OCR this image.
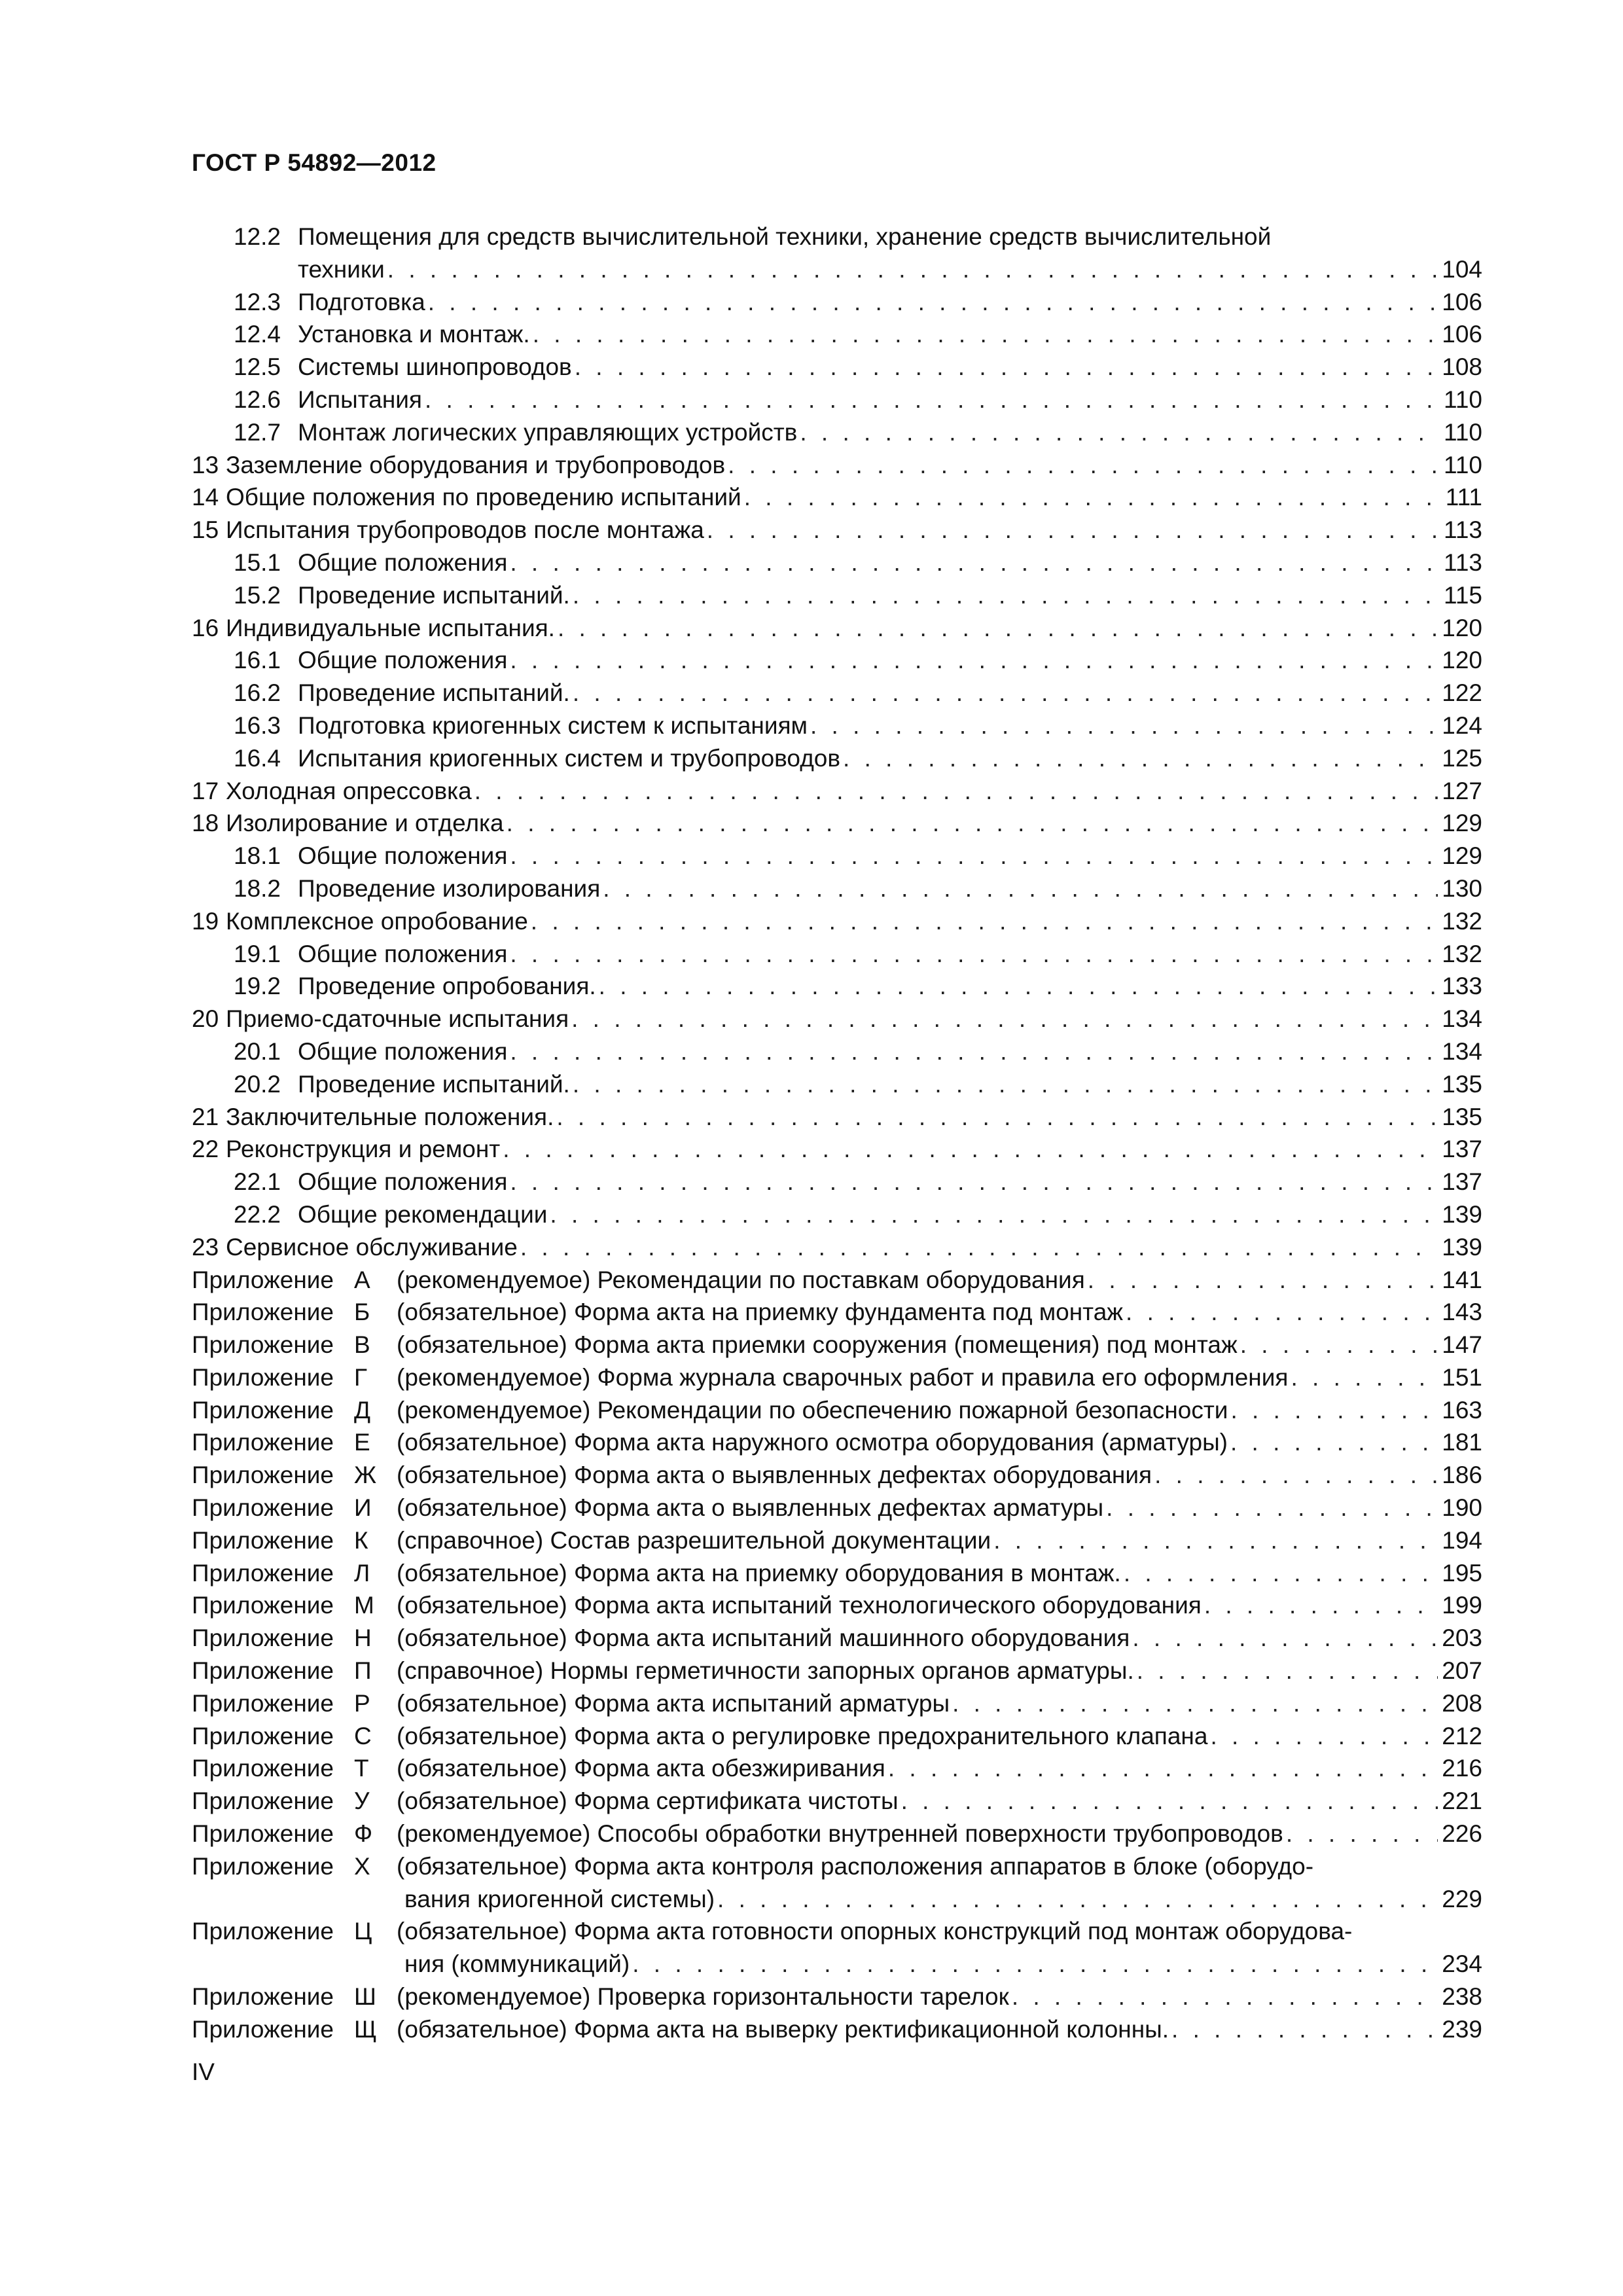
ГОСТ Р 54892—2012
12.2 Помещения для средств вычислительной техники, хранение средств вычислительной
техники . . .	104
12.3 Подготовка . . .	106
12.4 Установка и монтаж. . . .	106
12.5 Системы шинопроводов . . .	108
12.6 Испытания . . .	110
12.7 Монтаж логических управляющих устройств . . .	110
13 Заземление оборудования и трубопроводов . . .	110
14 Общие положения по проведению испытаний . . .	111
15 Испытания трубопроводов после монтажа . . .	113
15.1 Общие положения . . .	113
15.2 Проведение испытаний. . . .	115
16 Индивидуальные испытания. . . .	120
16.1 Общие положения . . .	120
16.2 Проведение испытаний. . . .	122
16.3 Подготовка криогенных систем к испытаниям . . .	124
16.4 Испытания криогенных систем и трубопроводов . . .	125
17 Холодная опрессовка . . .	127
18 Изолирование и отделка . . .	129
18.1 Общие положения . . .	129
18.2 Проведение изолирования . . .	130
19 Комплексное опробование . . .	132
19.1 Общие положения . . .	132
19.2 Проведение опробования. . . .	133
20 Приемо-сдаточные испытания . . .	134
20.1 Общие положения . . .	134
20.2 Проведение испытаний. . . .	135
21 Заключительные положения. . . .	135
22 Реконструкция и ремонт . . .	137
22.1 Общие положения . . .	137
22.2 Общие рекомендации . . .	139
23 Сервисное обслуживание . . .	139
Приложение А	(рекомендуемое) Рекомендации по поставкам оборудования . . .	141
Приложение Б	(обязательное) Форма акта на приемку фундамента под монтаж . . .	143
Приложение В	(обязательное) Форма акта приемки сооружения (помещения) под монтаж . . .	147
Приложение Г	(рекомендуемое) Форма журнала сварочных работ и правила его оформления . . .	151
Приложение Д	(рекомендуемое) Рекомендации по обеспечению пожарной безопасности . . .	163
Приложение Е	(обязательное) Форма акта наружного осмотра оборудования (арматуры) . . .	181
Приложение Ж (обязательное) Форма акта о выявленных дефектах оборудования . . .	186
Приложение И	(обязательное) Форма акта о выявленных дефектах арматуры . . .	190
Приложение К	(справочное) Состав разрешительной документации . . .	194
Приложение Л	(обязательное) Форма акта на приемку оборудования в монтаж. . . .	195
Приложение М (обязательное) Форма акта испытаний технологического оборудования . . .	199
Приложение Н	(обязательное) Форма акта испытаний машинного оборудования . . .	203
Приложение П	(справочное) Нормы герметичности запорных органов арматуры. . . .	207
Приложение Р	(обязательное) Форма акта испытаний арматуры . . .	208
Приложение С	(обязательное) Форма акта о регулировке предохранительного клапана . . .	212
Приложение Т	(обязательное) Форма акта обезжиривания . . .	216
Приложение У	(обязательное) Форма сертификата чистоты . . .	221
Приложение Ф (рекомендуемое) Способы обработки внутренней поверхности трубопроводов . . .	226
Приложение Х	(обязательное) Форма акта контроля расположения аппаратов в блоке (оборудо-
вания криогенной системы) . . .	229
Приложение Ц	(обязательное) Форма акта готовности опорных конструкций под монтаж оборудова-
ния (коммуникаций) . . .	234
Приложение Ш (рекомендуемое) Проверка горизонтальности тарелок . . .	238
Приложение Щ (обязательное) Форма акта на выверку ректификационной колонны. . . .	239
IV
